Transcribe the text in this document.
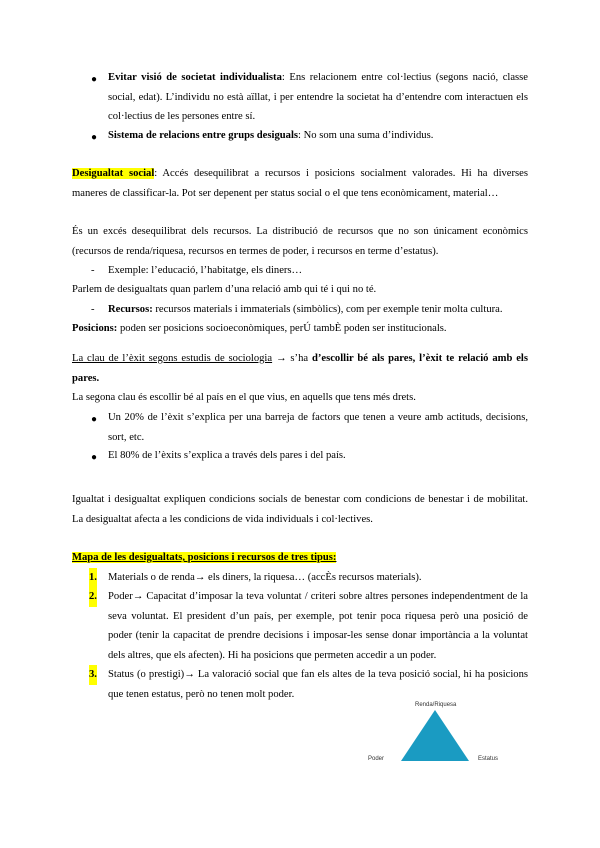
● Evitar visió de societat individualista: Ens relacionem entre col·lectius (segons nació, classe social, edat). L’individu no està aïllat, i per entendre la societat ha d’entendre com interactuen els col·lectius de les persones entre sí.
● Sistema de relacions entre grups desiguals: No som una suma d’individus.
Desigualtat social: Accés desequilibrat a recursos i posicions socialment valorades. Hi ha diverses maneres de classificar-la. Pot ser depenent per status social o el que tens econòmicament, material…
És un excés desequilibrat dels recursos. La distribució de recursos que no son únicament econòmics (recursos de renda/riquesa, recursos en termes de poder, i recursos en terme d’estatus).
- Exemple: l’educació, l’habitatge, els diners…
Parlem de desigualtats quan parlem d’una relació amb qui té i qui no té.
- Recursos: recursos materials i immaterials (simbòlics), com per exemple tenir molta cultura.
Posicions: poden ser posicions socioeconòmiques, perÚ tambÈ poden ser institucionals.
La clau de l’èxit segons estudis de sociologia → s’ha d’escollir bé als pares, l’èxit te relació amb els pares.
La segona clau és escollir bé al país en el que vius, en aquells que tens més drets.
● Un 20% de l’èxit s’explica per una barreja de factors que tenen a veure amb actituds, decisions, sort, etc.
● El 80% de l’èxits s’explica a través dels pares i del país.
Igualtat i desigualtat expliquen condicions socials de benestar com condicions de benestar i de mobilitat. La desigualtat afecta a les condicions de vida individuals i col·lectives.
Mapa de les desigualtats, posicions i recursos de tres tipus:
1. Materials o de renda→ els diners, la riquesa… (accÈs recursos materials).
2. Poder→ Capacitat d’imposar la teva voluntat / criteri sobre altres persones independentment de la seva voluntat. El president d’un país, per exemple, pot tenir poca riquesa però una posició de poder (tenir la capacitat de prendre decisions i imposar-les sense donar importància a la voluntat dels altres, que els afecten). Hi ha posicions que permeten accedir a un poder.
3. Status (o prestigi)→ La valoració social que fan els altes de la teva posició social, hi ha posicions que tenen estatus, però no tenen molt poder.
Renda/Riquesa
Poder	Estatus
